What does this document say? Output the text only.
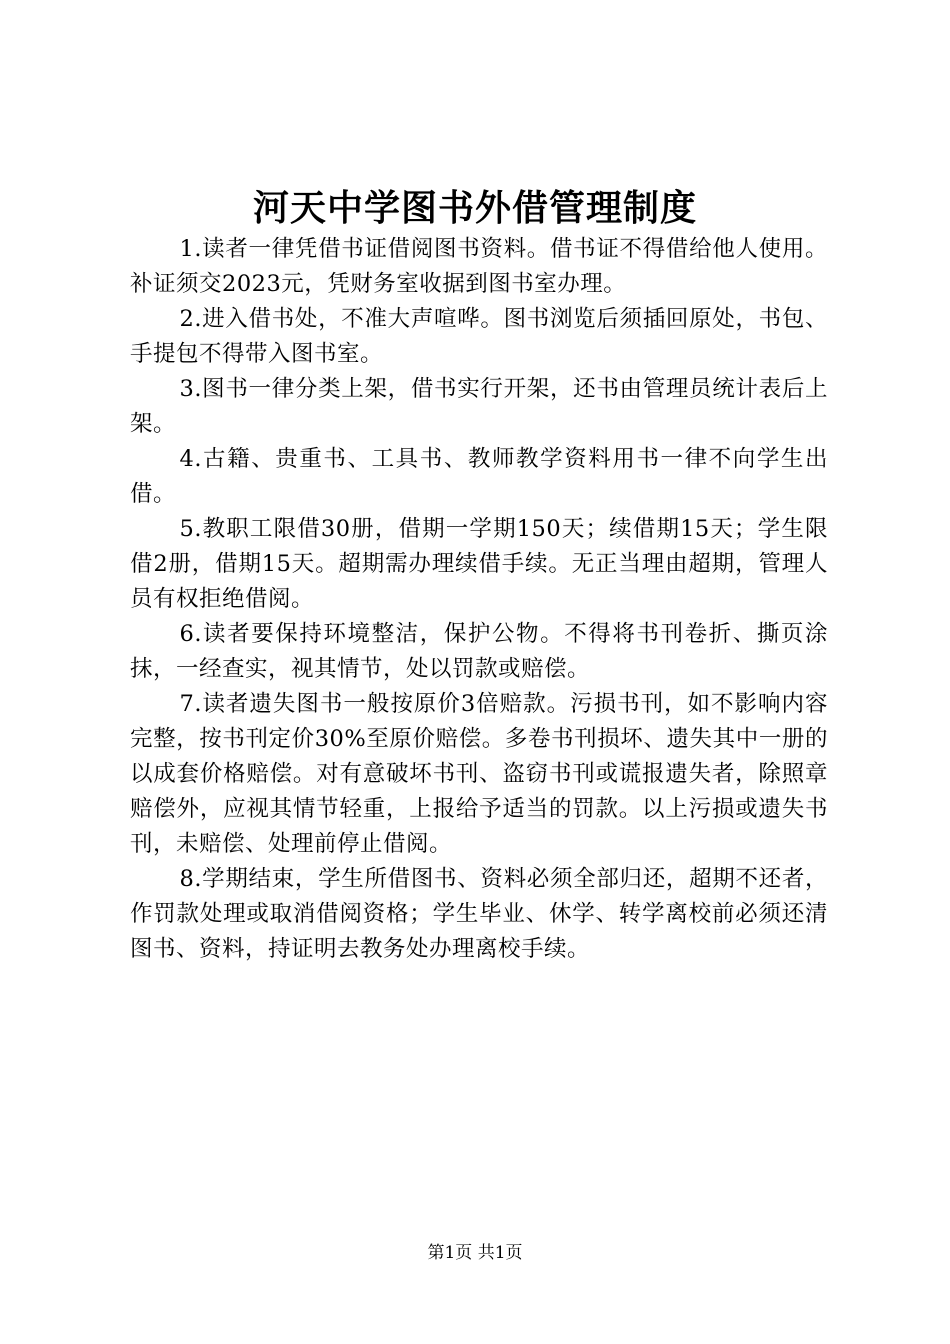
河天中学图书外借管理制度

1.读者一律凭借书证借阅图书资料。借书证不得借给他人使用。补证须交2023元，凭财务室收据到图书室办理。

2.进入借书处，不准大声喧哗。图书浏览后须插回原处，书包、手提包不得带入图书室。

3.图书一律分类上架，借书实行开架，还书由管理员统计表后上架。

4.古籍、贵重书、工具书、教师教学资料用书一律不向学生出借。

5.教职工限借30册，借期一学期150天；续借期15天；学生限借2册，借期15天。超期需办理续借手续。无正当理由超期，管理人员有权拒绝借阅。

6.读者要保持环境整洁，保护公物。不得将书刊卷折、撕页涂抹，一经查实，视其情节，处以罚款或赔偿。

7.读者遗失图书一般按原价3倍赔款。污损书刊，如不影响内容完整，按书刊定价30%至原价赔偿。多卷书刊损坏、遗失其中一册的以成套价格赔偿。对有意破坏书刊、盗窃书刊或谎报遗失者，除照章赔偿外，应视其情节轻重，上报给予适当的罚款。以上污损或遗失书刊，未赔偿、处理前停止借阅。

8.学期结束，学生所借图书、资料必须全部归还，超期不还者，作罚款处理或取消借阅资格；学生毕业、休学、转学离校前必须还清图书、资料，持证明去教务处办理离校手续。

第1页 共1页
